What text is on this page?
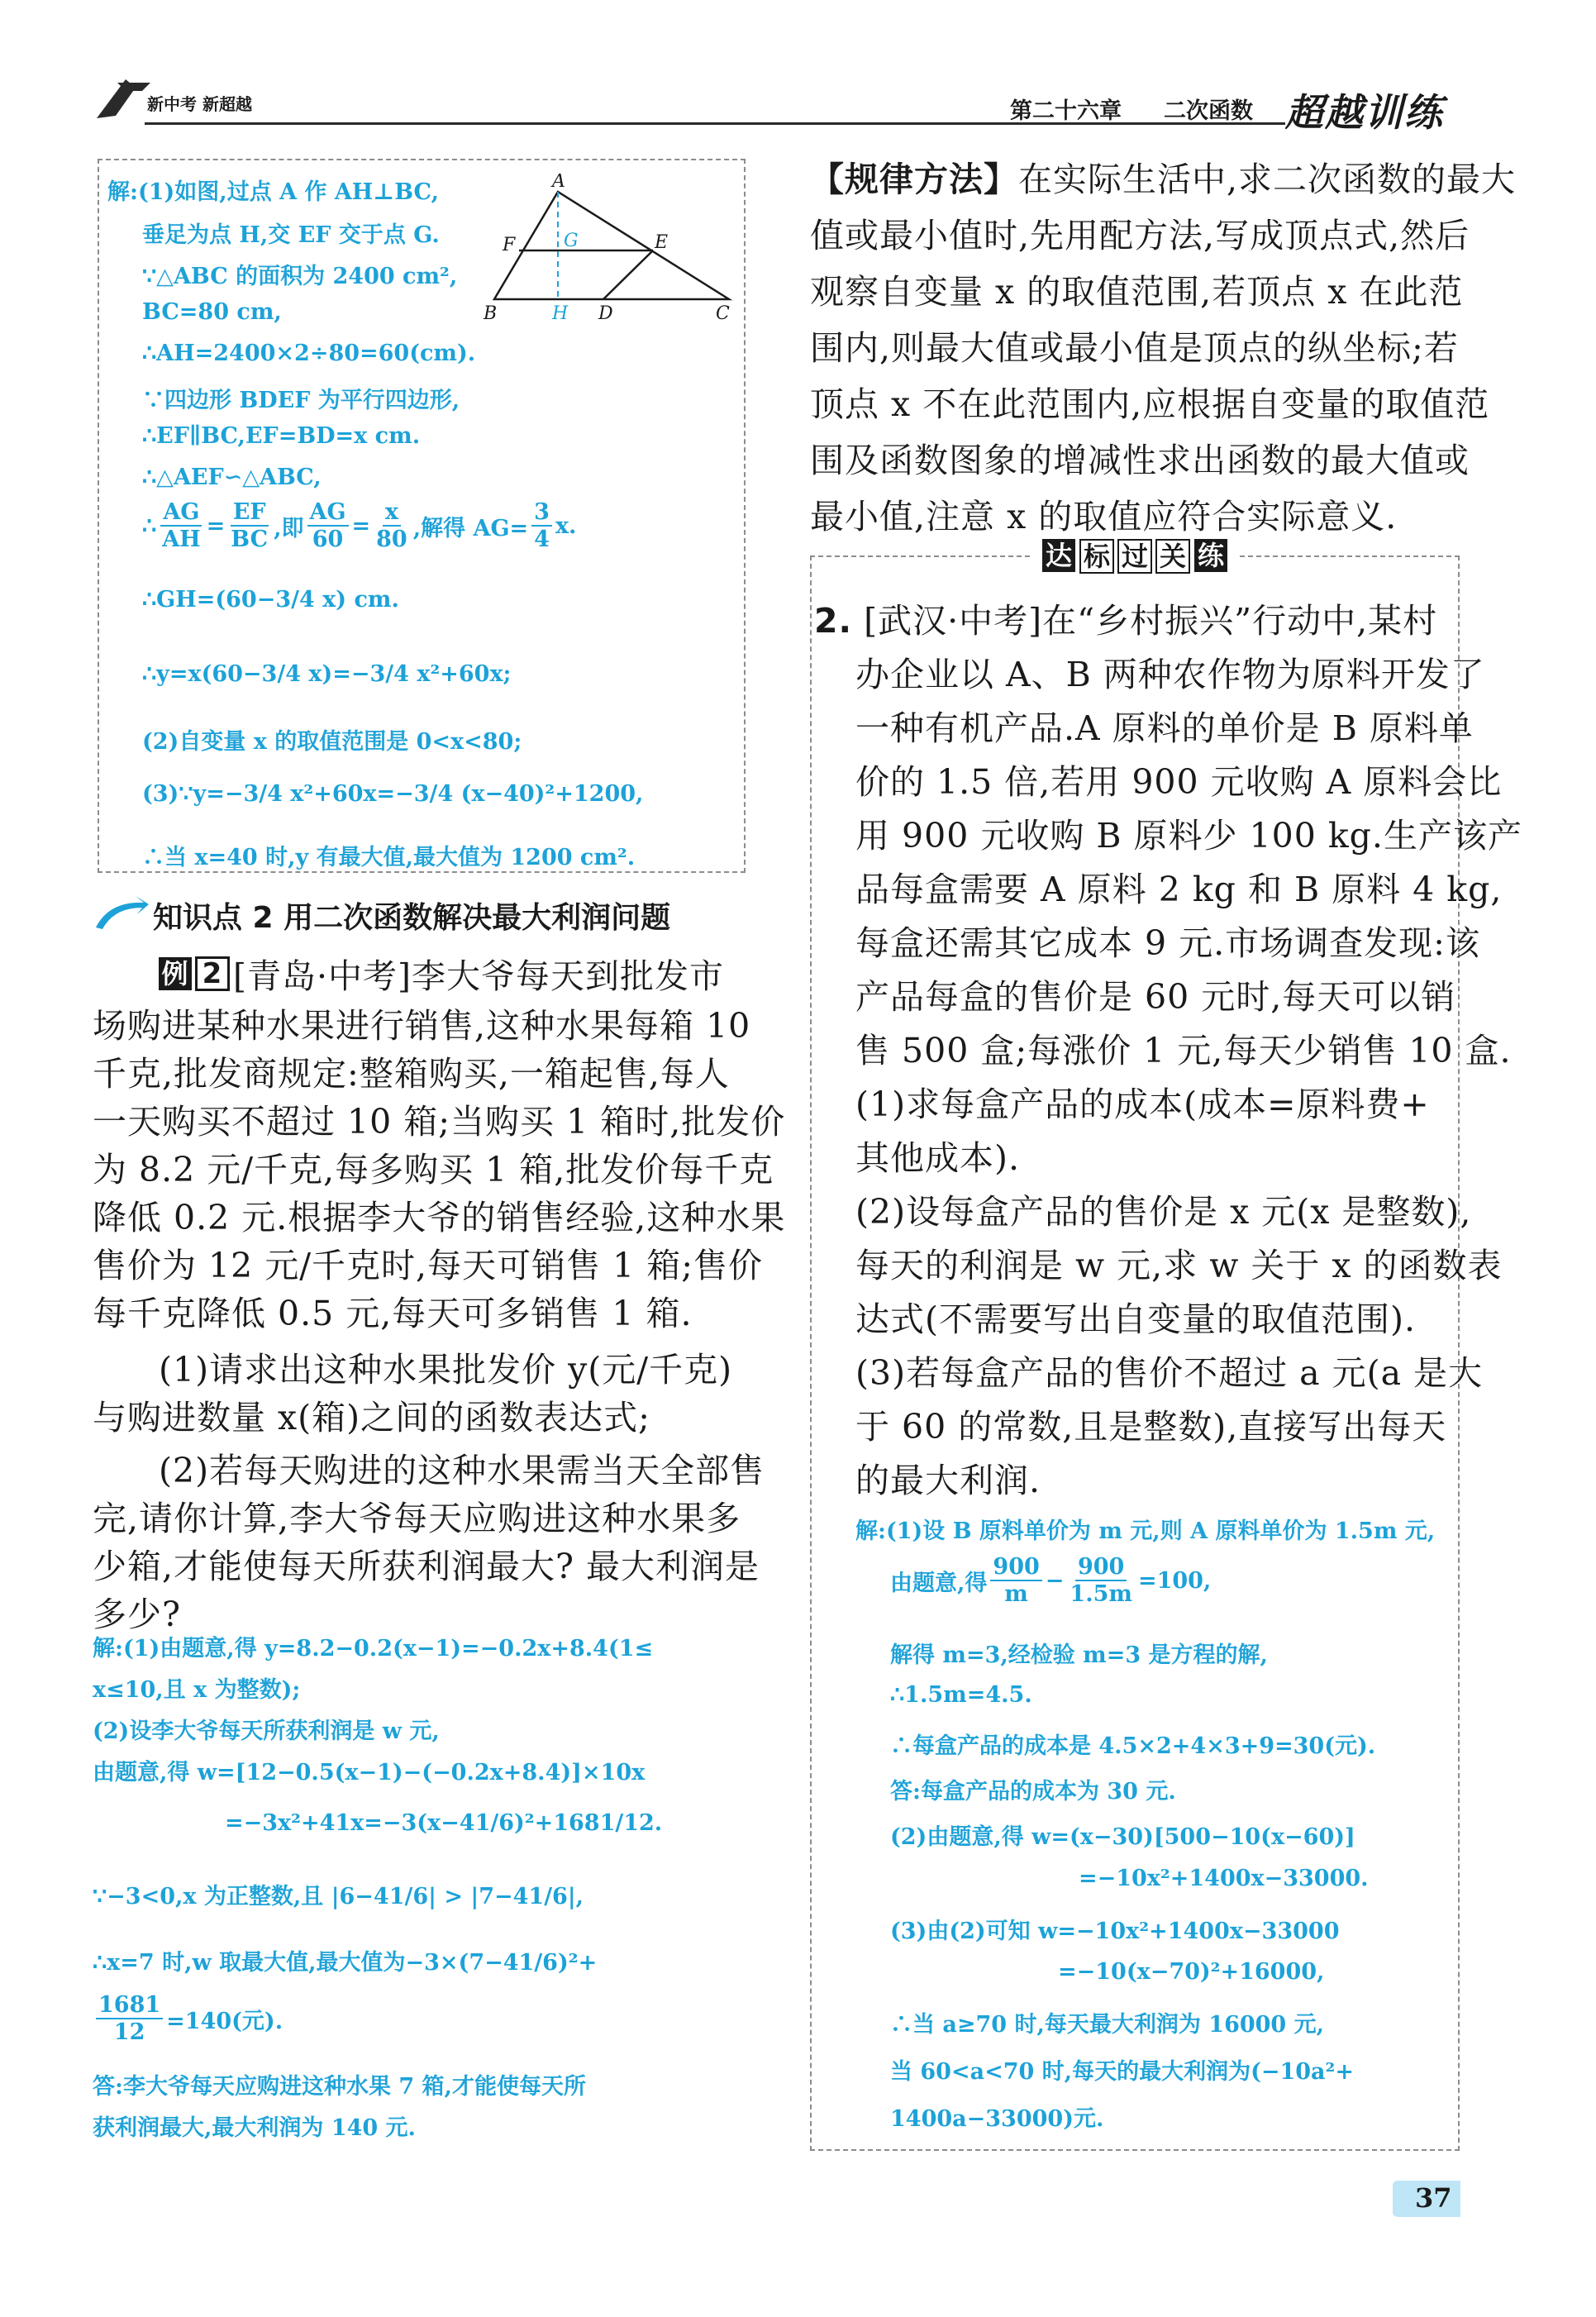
新中考 新超越	第二十六章 二次函数 超越训练
解:(1)如图,过点 A 作 AH⊥BC,
垂足为点 H,交 EF 交于点 G.
∵△ABC 的面积为 2400 cm²,
BC=80 cm,
∴AH=2400×2÷80=60(cm).
∵四边形 BDEF 为平行四边形,
∴EF∥BC,EF=BD=x cm.
∴△AEF∽△ABC,
∴ $\frac{AG}{AH} = \frac{EF}{BC}$ ,即 $\frac{AG}{60} = \frac{x}{80}$ ,解得 $AG= \frac{3}{4} x$.
∴GH=(60−3/4 x) cm.
∴y=x(60−3/4 x)=−3/4 x²+60x;
(2)自变量 x 的取值范围是 0<x<80;
(3)∵y=−3/4 x²+60x=−3/4 (x−40)²+1200,
∴当 x=40 时,y 有最大值,最大值为 1200 cm².
A
F	G	E
B	H D	C
知识点 2 用二次函数解决最大利润问题
例 2 [青岛·中考]李大爷每天到批发市
场购进某种水果进行销售,这种水果每箱 10
千克,批发商规定:整箱购买,一箱起售,每人
一天购买不超过 10 箱;当购买 1 箱时,批发价
为 8.2 元/千克,每多购买 1 箱,批发价每千克
降低 0.2 元.根据李大爷的销售经验,这种水果
售价为 12 元/千克时,每天可销售 1 箱;售价
每千克降低 0.5 元,每天可多销售 1 箱.
(1)请求出这种水果批发价 y(元/千克)
与购进数量 x(箱)之间的函数表达式;
(2)若每天购进的这种水果需当天全部售
完,请你计算,李大爷每天应购进这种水果多
少箱,才能使每天所获利润最大? 最大利润是
多少?
解:(1)由题意,得 y=8.2−0.2(x−1)=−0.2x+8.4(1≤
x≤10,且 x 为整数);
(2)设李大爷每天所获利润是 w 元,
由题意,得 w=[12−0.5(x−1)−(−0.2x+8.4)]×10x
=−3x²+41x=−3(x−41/6)²+1681/12.
∵−3<0,x 为正整数,且 |6−41/6| > |7−41/6|,
∴x=7 时,w 取最大值,最大值为−3×(7−41/6)²+
$\frac{1681}{12} =140$(元).
答:李大爷每天应购进这种水果 7 箱,才能使每天所
获利润最大,最大利润为 140 元.
【规律方法】在实际生活中,求二次函数的最大
值或最小值时,先用配方法,写成顶点式,然后
观察自变量 x 的取值范围,若顶点 x 在此范
围内,则最大值或最小值是顶点的纵坐标;若
顶点 x 不在此范围内,应根据自变量的取值范
围及函数图象的增减性求出函数的最大值或
最小值,注意 x 的取值应符合实际意义.
达 标 过 关 练
2. [武汉·中考]在“乡村振兴”行动中,某村
办企业以 A、B 两种农作物为原料开发了
一种有机产品.A 原料的单价是 B 原料单
价的 1.5 倍,若用 900 元收购 A 原料会比
用 900 元收购 B 原料少 100 kg.生产该产
品每盒需要 A 原料 2 kg 和 B 原料 4 kg,
每盒还需其它成本 9 元.市场调查发现:该
产品每盒的售价是 60 元时,每天可以销
售 500 盒;每涨价 1 元,每天少销售 10 盒.
(1)求每盒产品的成本(成本=原料费+
其他成本).
(2)设每盒产品的售价是 x 元(x 是整数),
每天的利润是 w 元,求 w 关于 x 的函数表
达式(不需要写出自变量的取值范围).
(3)若每盒产品的售价不超过 a 元(a 是大
于 60 的常数,且是整数),直接写出每天
的最大利润.
解:(1)设 B 原料单价为 m 元,则 A 原料单价为 1.5m 元,
由题意,得 $\frac{900}{m} - \frac{900}{1.5m} =100$,
解得 m=3,经检验 m=3 是方程的解,
∴1.5m=4.5.
∴每盒产品的成本是 4.5×2+4×3+9=30(元).
答:每盒产品的成本为 30 元.
(2)由题意,得 w=(x−30)[500−10(x−60)]
=−10x²+1400x−33000.
(3)由(2)可知 w=−10x²+1400x−33000
=−10(x−70)²+16000,
∴当 a≥70 时,每天最大利润为 16000 元,
当 60<a<70 时,每天的最大利润为(−10a²+
1400a−33000)元.
37
